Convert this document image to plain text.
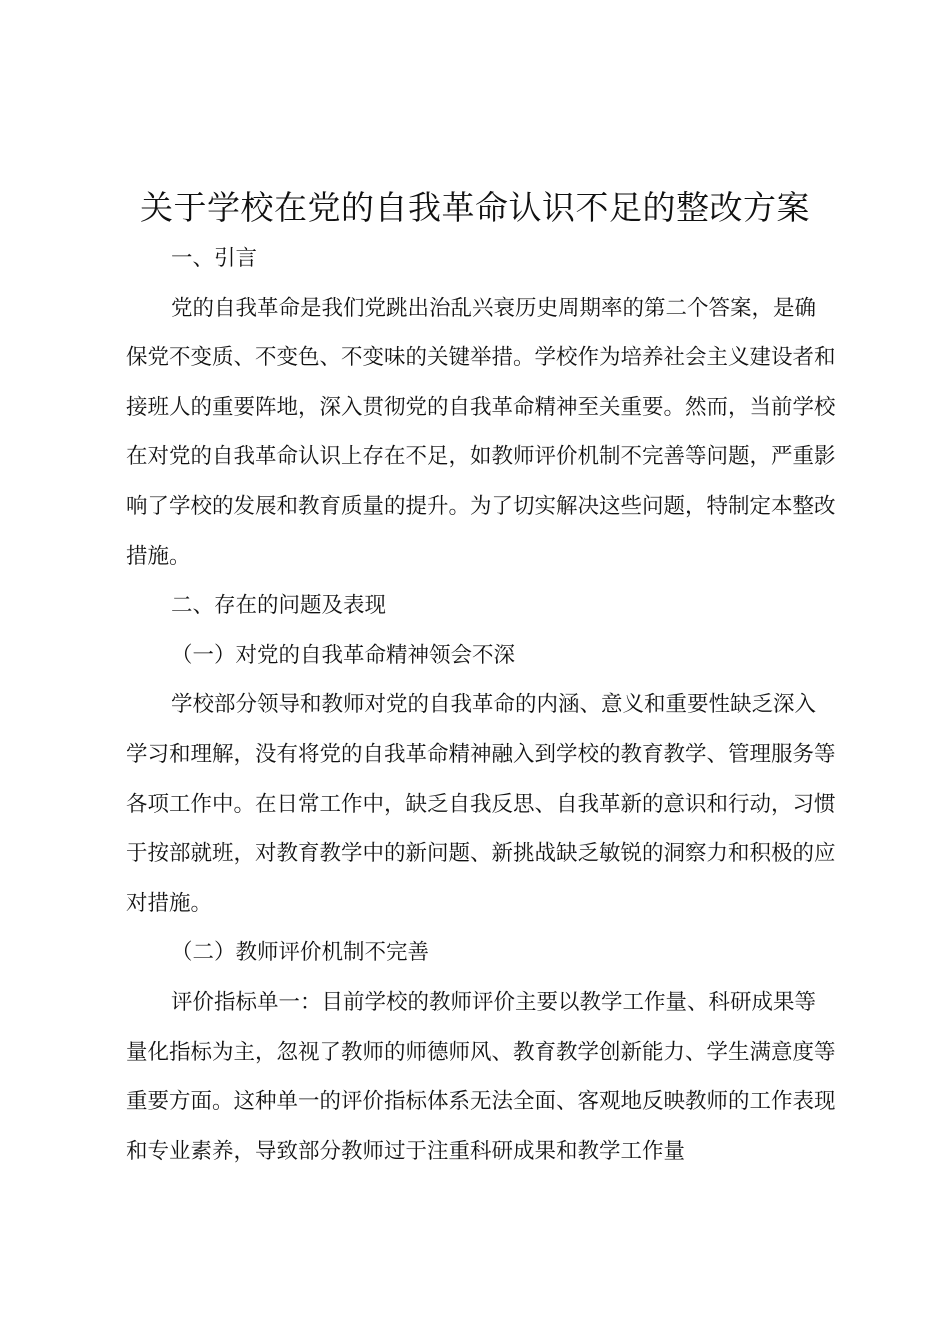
关于学校在党的自我革命认识不足的整改方案

一、引言

党的自我革命是我们党跳出治乱兴衰历史周期率的第二个答案，是确保党不变质、不变色、不变味的关键举措。学校作为培养社会主义建设者和接班人的重要阵地，深入贯彻党的自我革命精神至关重要。然而，当前学校在对党的自我革命认识上存在不足，如教师评价机制不完善等问题，严重影响了学校的发展和教育质量的提升。为了切实解决这些问题，特制定本整改措施。

二、存在的问题及表现

（一）对党的自我革命精神领会不深

学校部分领导和教师对党的自我革命的内涵、意义和重要性缺乏深入学习和理解，没有将党的自我革命精神融入到学校的教育教学、管理服务等各项工作中。在日常工作中，缺乏自我反思、自我革新的意识和行动，习惯于按部就班，对教育教学中的新问题、新挑战缺乏敏锐的洞察力和积极的应对措施。

（二）教师评价机制不完善

评价指标单一：目前学校的教师评价主要以教学工作量、科研成果等量化指标为主，忽视了教师的师德师风、教育教学创新能力、学生满意度等重要方面。这种单一的评价指标体系无法全面、客观地反映教师的工作表现和专业素养，导致部分教师过于注重科研成果和教学工作量
